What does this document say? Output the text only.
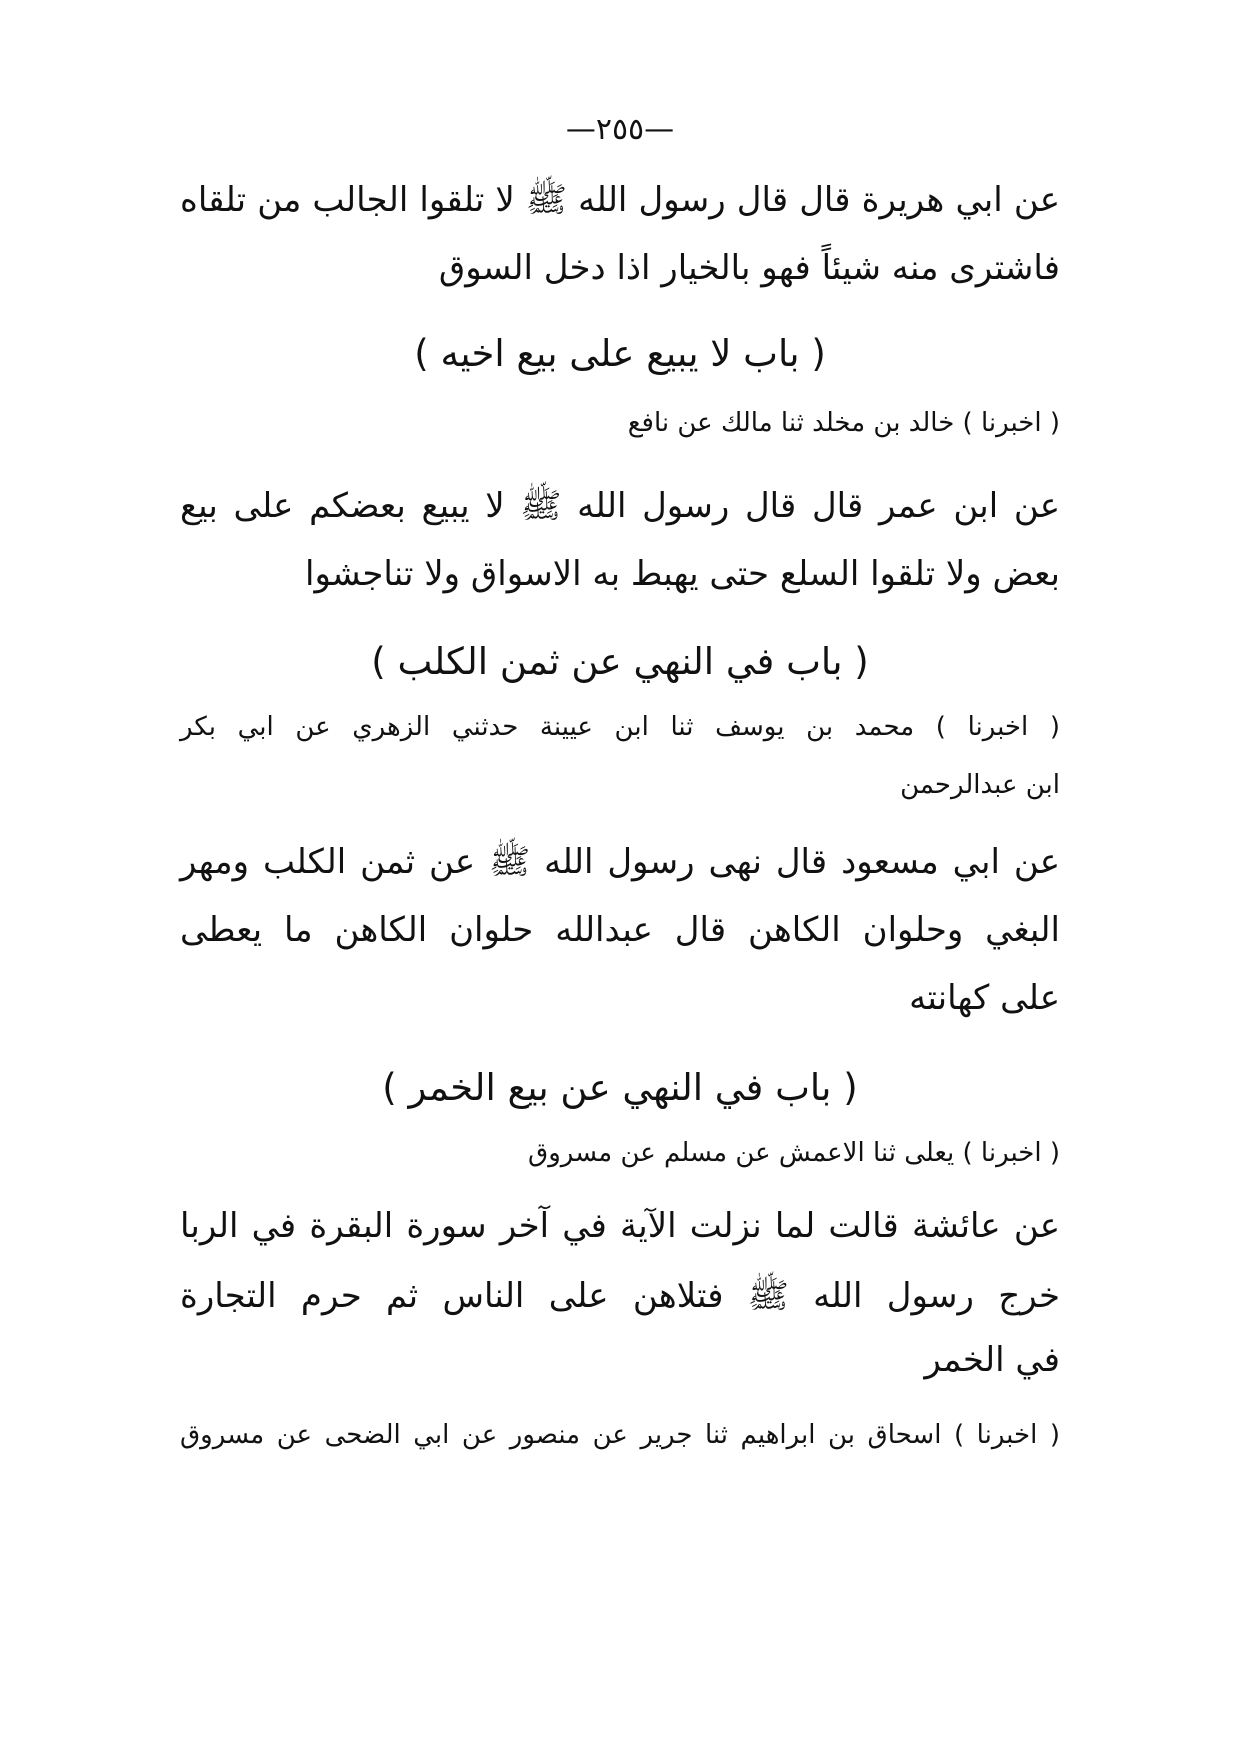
—٢٥٥—
عن ابي هريرة قال قال رسول الله ﷺ لا تلقوا الجالب من تلقاه
فاشترى منه شيئاً فهو بالخيار اذا دخل السوق
( باب لا يبيع على بيع اخيه )
( اخبرنا ) خالد بن مخلد ثنا مالك عن نافع
عن ابن عمر قال قال رسول الله ﷺ لا يبيع بعضكم على بيع
بعض ولا تلقوا السلع حتى يهبط به الاسواق ولا تناجشوا
( باب في النهي عن ثمن الكلب )
( اخبرنا ) محمد بن يوسف ثنا ابن عيينة حدثني الزهري عن ابي بكر
ابن عبدالرحمن
عن ابي مسعود قال نهى رسول الله ﷺ عن ثمن الكلب ومهر
البغي وحلوان الكاهن قال عبدالله حلوان الكاهن ما يعطى
على كهانته
( باب في النهي عن بيع الخمر )
( اخبرنا ) يعلى ثنا الاعمش عن مسلم عن مسروق
عن عائشة قالت لما نزلت الآية في آخر سورة البقرة في الربا
خرج رسول الله ﷺ فتلاهن على الناس ثم حرم التجارة
في الخمر
( اخبرنا ) اسحاق بن ابراهيم ثنا جرير عن منصور عن ابي الضحى عن مسروق
